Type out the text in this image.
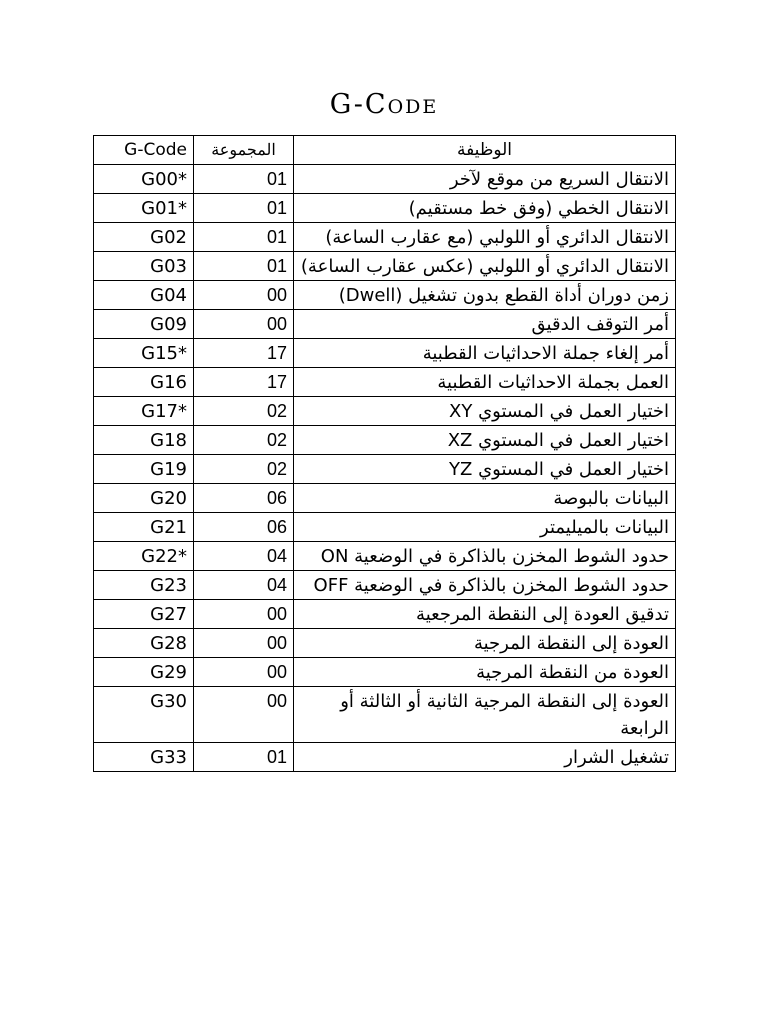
G-Code
G-Code	المجموعة	الوظيفة
G00*	01	الانتقال السريع من موقع لآخر
G01*	01	الانتقال الخطي (وفق خط مستقيم)
G02	01	الانتقال الدائري أو اللولبي (مع عقارب الساعة)
G03	01	الانتقال الدائري أو اللولبي (عكس عقارب الساعة)
G04	00	زمن دوران أداة القطع بدون تشغيل (Dwell)
G09	00	أمر التوقف الدقيق
G15*	17	أمر إلغاء جملة الاحداثيات القطبية
G16	17	العمل بجملة الاحداثيات القطبية
G17*	02	اختيار العمل في المستوي XY
G18	02	اختيار العمل في المستوي XZ
G19	02	اختيار العمل في المستوي YZ
G20	06	البيانات بالبوصة
G21	06	البيانات بالميليمتر
G22*	04	حدود الشوط المخزن بالذاكرة في الوضعية ON
G23	04	حدود الشوط المخزن بالذاكرة في الوضعية OFF
G27	00	تدقيق العودة إلى النقطة المرجعية
G28	00	العودة إلى النقطة المرجية
G29	00	العودة من النقطة المرجية
G30	00	العودة إلى النقطة المرجية الثانية أو الثالثة أو الرابعة
G33	01	تشغيل الشرار
